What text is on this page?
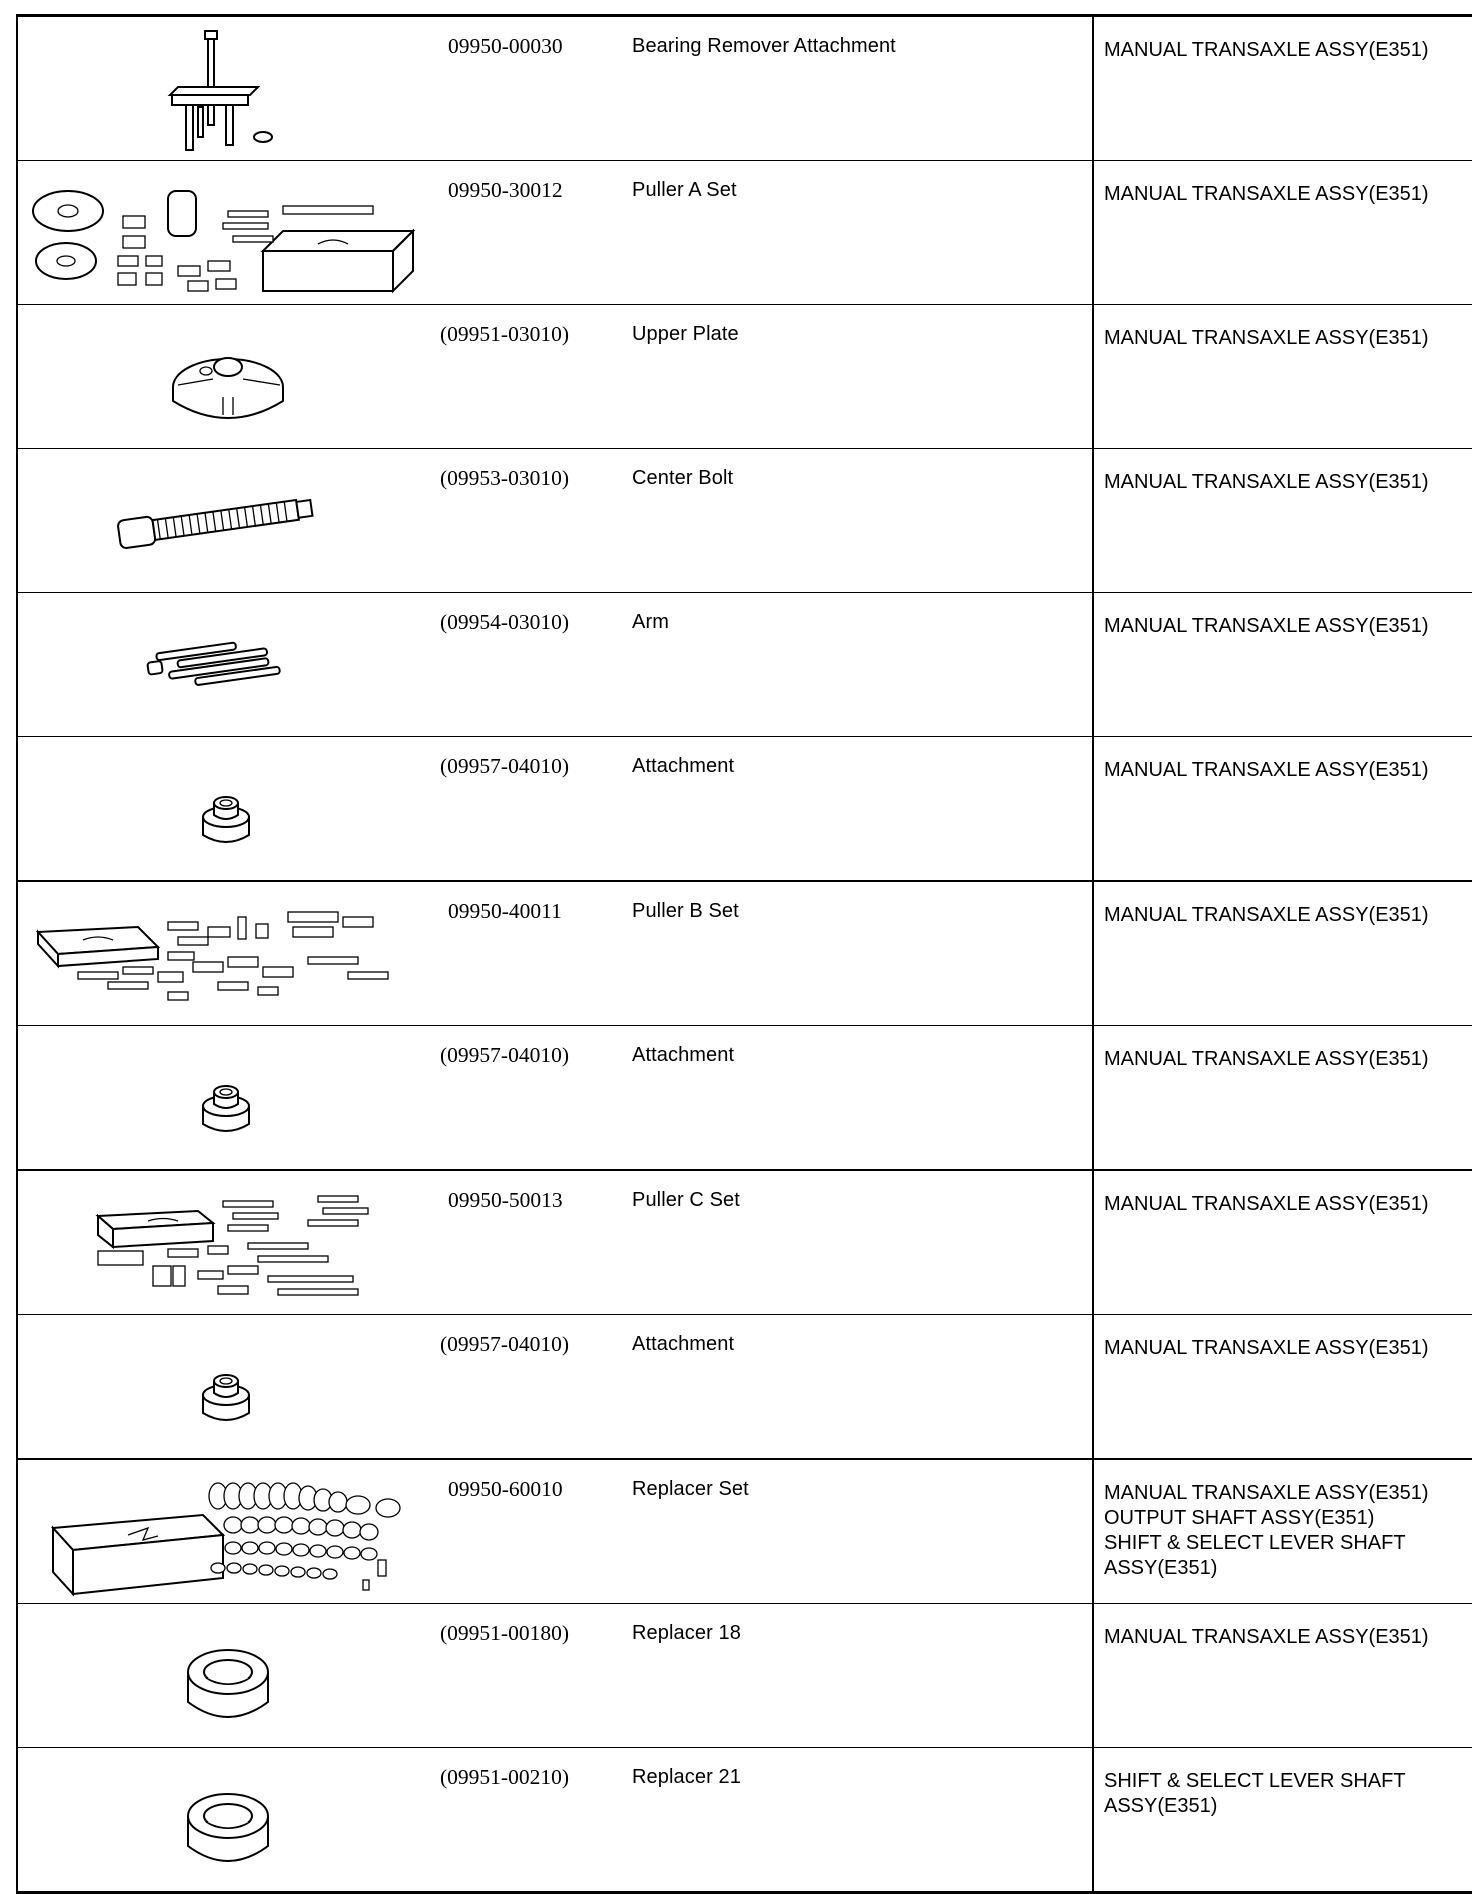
09950-00030	Bearing Remover Attachment	MANUAL TRANSAXLE ASSY(E351)

09950-30012	Puller A Set	MANUAL TRANSAXLE ASSY(E351)

(09951-03010)	Upper Plate	MANUAL TRANSAXLE ASSY(E351)

(09953-03010)	Center Bolt	MANUAL TRANSAXLE ASSY(E351)

(09954-03010)	Arm	MANUAL TRANSAXLE ASSY(E351)

(09957-04010)	Attachment	MANUAL TRANSAXLE ASSY(E351)

09950-40011	Puller B Set	MANUAL TRANSAXLE ASSY(E351)

(09957-04010)	Attachment	MANUAL TRANSAXLE ASSY(E351)

09950-50013	Puller C Set	MANUAL TRANSAXLE ASSY(E351)

(09957-04010)	Attachment	MANUAL TRANSAXLE ASSY(E351)

09950-60010	Replacer Set	MANUAL TRANSAXLE ASSY(E351)
OUTPUT SHAFT ASSY(E351)
SHIFT & SELECT LEVER SHAFT
ASSY(E351)

(09951-00180)	Replacer 18	MANUAL TRANSAXLE ASSY(E351)

(09951-00210)	Replacer 21	SHIFT & SELECT LEVER SHAFT
ASSY(E351)
